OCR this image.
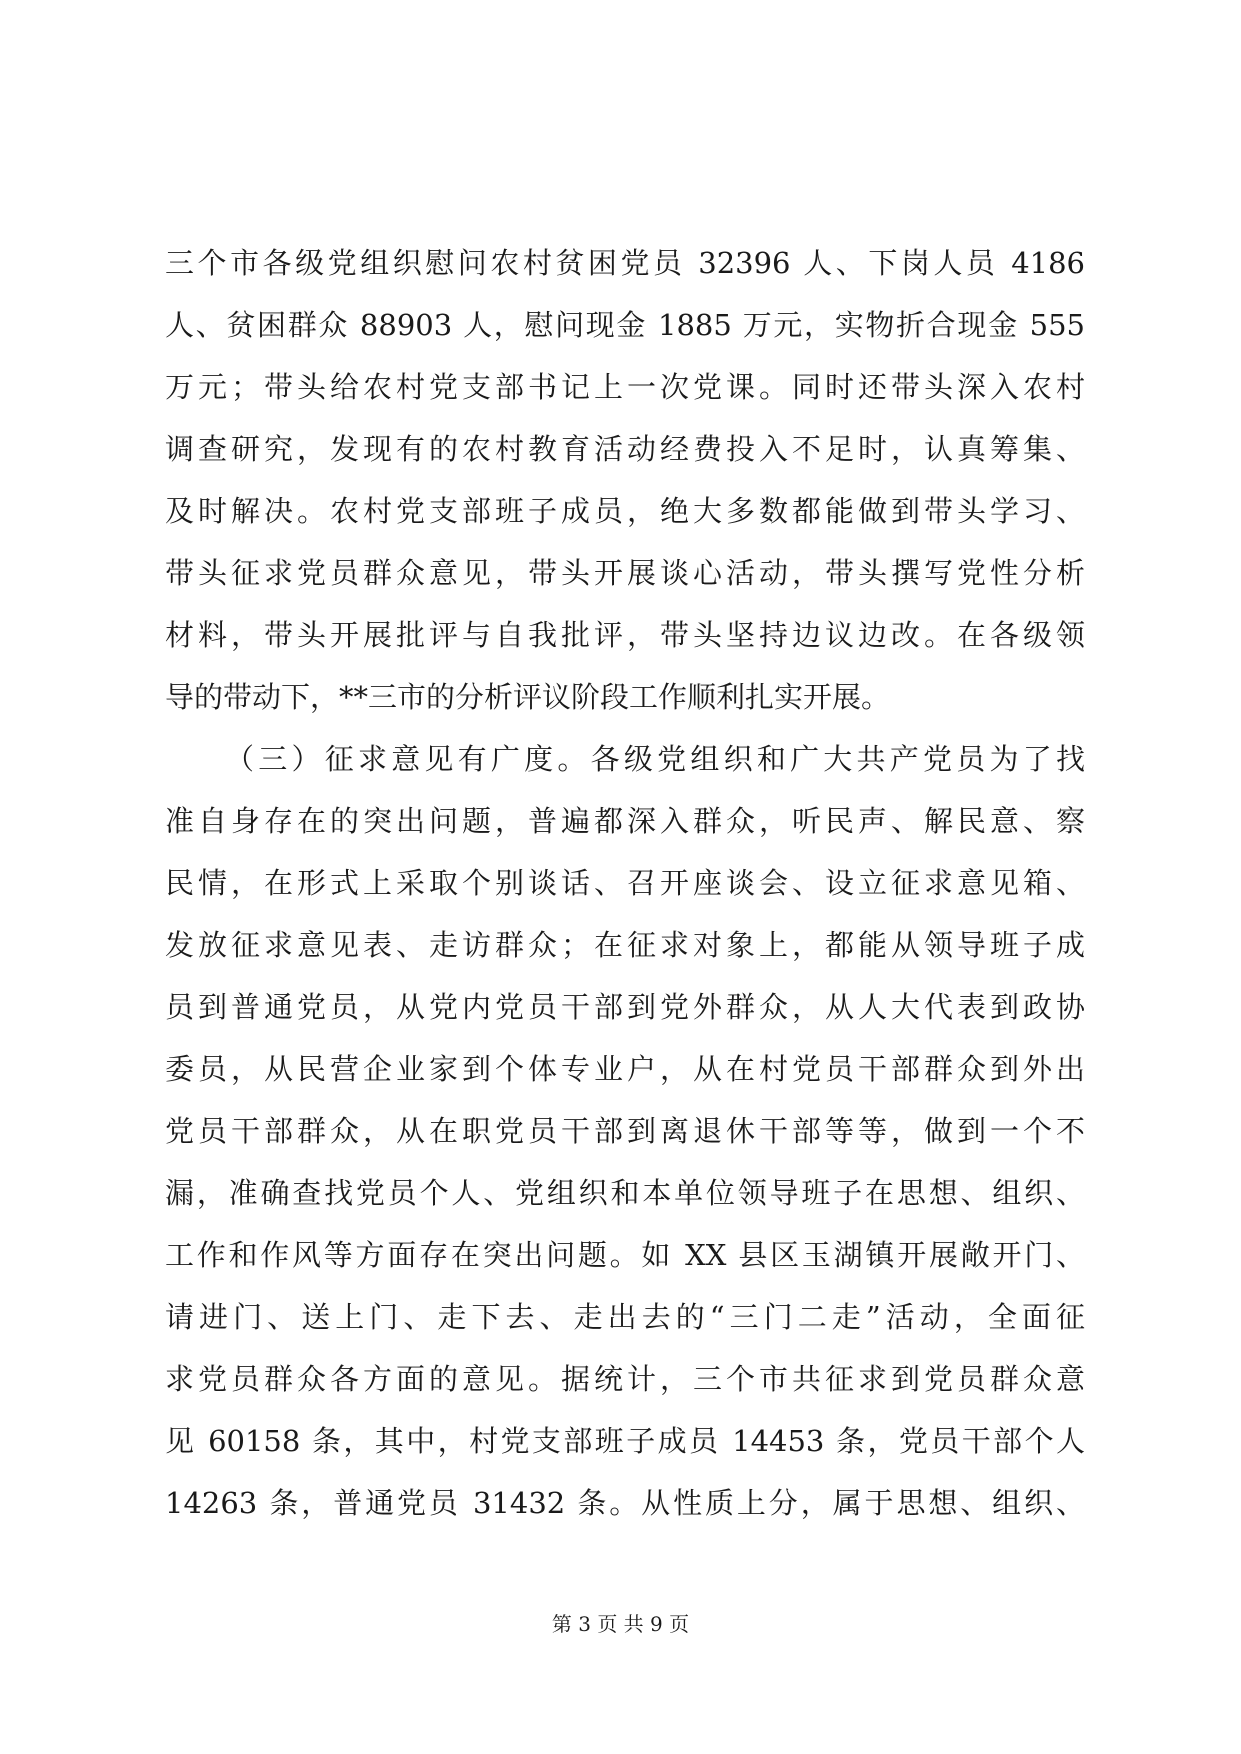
三个市各级党组织慰问农村贫困党员 32396 人、下岗人员 4186
人、贫困群众 88903 人，慰问现金 1885 万元，实物折合现金 555
万元；带头给农村党支部书记上一次党课。同时还带头深入农村
调查研究，发现有的农村教育活动经费投入不足时，认真筹集、
及时解决。农村党支部班子成员，绝大多数都能做到带头学习、
带头征求党员群众意见，带头开展谈心活动，带头撰写党性分析
材料，带头开展批评与自我批评，带头坚持边议边改。在各级领
导的带动下，**三市的分析评议阶段工作顺利扎实开展。
（三）征求意见有广度。各级党组织和广大共产党员为了找
准自身存在的突出问题，普遍都深入群众，听民声、解民意、察
民情，在形式上采取个别谈话、召开座谈会、设立征求意见箱、
发放征求意见表、走访群众；在征求对象上，都能从领导班子成
员到普通党员，从党内党员干部到党外群众，从人大代表到政协
委员，从民营企业家到个体专业户，从在村党员干部群众到外出
党员干部群众，从在职党员干部到离退休干部等等，做到一个不
漏，准确查找党员个人、党组织和本单位领导班子在思想、组织、
工作和作风等方面存在突出问题。如 XX 县区玉湖镇开展敞开门、
请进门、送上门、走下去、走出去的“三门二走”活动，全面征
求党员群众各方面的意见。据统计，三个市共征求到党员群众意
见 60158 条，其中，村党支部班子成员 14453 条，党员干部个人
14263 条，普通党员 31432 条。从性质上分，属于思想、组织、
第 3 页 共 9 页
